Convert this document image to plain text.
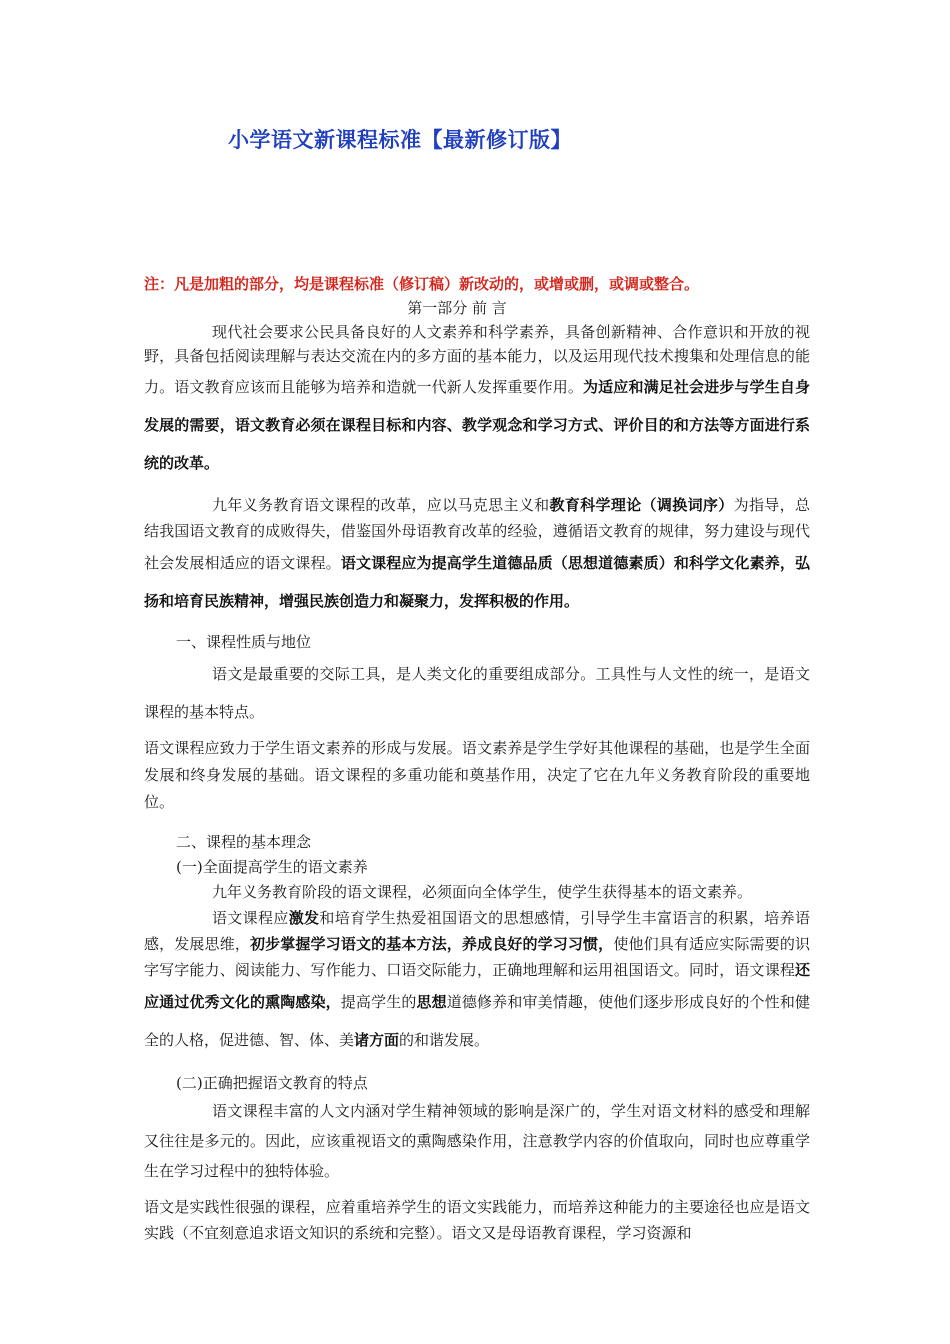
小学语文新课程标准【最新修订版】
注：凡是加粗的部分，均是课程标准（修订稿）新改动的，或增或删，或调或整合。
第一部分 前 言

现代社会要求公民具备良好的人文素养和科学素养，具备创新精神、合作意识和开放的视野，具备包括阅读理解与表达交流在内的多方面的基本能力，以及运用现代技术搜集和处理信息的能力。语文教育应该而且能够为培养和造就一代新人发挥重要作用。为适应和满足社会进步与学生自身发展的需要，语文教育必须在课程目标和内容、教学观念和学习方式、评价目的和方法等方面进行系统的改革。

九年义务教育语文课程的改革，应以马克思主义和教育科学理论（调换词序）为指导，总结我国语文教育的成败得失，借鉴国外母语教育改革的经验，遵循语文教育的规律，努力建设与现代社会发展相适应的语文课程。语文课程应为提高学生道德品质（思想道德素质）和科学文化素养，弘扬和培育民族精神，增强民族创造力和凝聚力，发挥积极的作用。

一、课程性质与地位

语文是最重要的交际工具，是人类文化的重要组成部分。工具性与人文性的统一，是语文课程的基本特点。

语文课程应致力于学生语文素养的形成与发展。语文素养是学生学好其他课程的基础，也是学生全面发展和终身发展的基础。语文课程的多重功能和奠基作用，决定了它在九年义务教育阶段的重要地位。

二、课程的基本理念
(一)全面提高学生的语文素养

九年义务教育阶段的语文课程，必须面向全体学生，使学生获得基本的语文素养。

语文课程应激发和培育学生热爱祖国语文的思想感情，引导学生丰富语言的积累，培养语感，发展思维，初步掌握学习语文的基本方法，养成良好的学习习惯，使他们具有适应实际需要的识字写字能力、阅读能力、写作能力、口语交际能力，正确地理解和运用祖国语文。同时，语文课程还应通过优秀文化的熏陶感染，提高学生的思想道德修养和审美情趣，使他们逐步形成良好的个性和健全的人格，促进德、智、体、美诸方面的和谐发展。

(二)正确把握语文教育的特点

语文课程丰富的人文内涵对学生精神领域的影响是深广的，学生对语文材料的感受和理解又往往是多元的。因此，应该重视语文的熏陶感染作用，注意教学内容的价值取向，同时也应尊重学生在学习过程中的独特体验。

语文是实践性很强的课程，应着重培养学生的语文实践能力，而培养这种能力的主要途径也应是语文实践（不宜刻意追求语文知识的系统和完整）。语文又是母语教育课程，学习资源和
